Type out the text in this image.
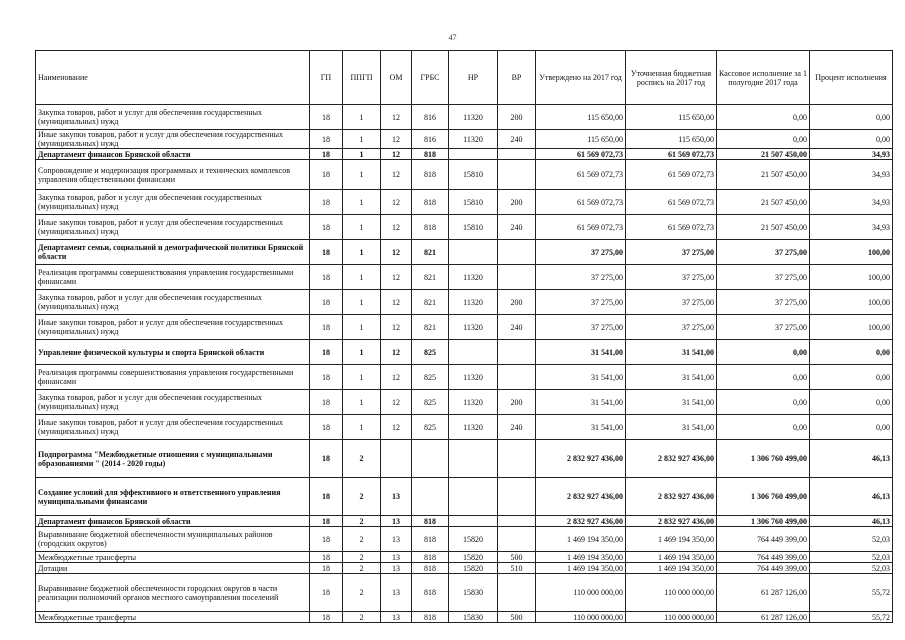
47
Наименование	ГП	ППГП	ОМ	ГРБС	НР	ВР	Утверждено на 2017 год	Уточненная бюджетная роспись на 2017 год	Кассовое исполнение за 1 полугодие 2017 года	Процент исполнения
Закупка товаров, работ и услуг для обеспечения государственных (муниципальных) нужд	18	1	12	816	11320	200	115 650,00	115 650,00	0,00	0,00
Иные закупки товаров, работ и услуг для обеспечения государственных (муниципальных) нужд	18	1	12	816	11320	240	115 650,00	115 650,00	0,00	0,00
Департамент финансов Брянской области	18	1	12	818			61 569 072,73	61 569 072,73	21 507 450,00	34,93
Сопровождение и модернизация программных и технических комплексов управления общественными финансами	18	1	12	818	15810		61 569 072,73	61 569 072,73	21 507 450,00	34,93
Закупка товаров, работ и услуг для обеспечения государственных (муниципальных) нужд	18	1	12	818	15810	200	61 569 072,73	61 569 072,73	21 507 450,00	34,93
Иные закупки товаров, работ и услуг для обеспечения государственных (муниципальных) нужд	18	1	12	818	15810	240	61 569 072,73	61 569 072,73	21 507 450,00	34,93
Департамент семьи, социальной и демографической политики Брянской области	18	1	12	821			37 275,00	37 275,00	37 275,00	100,00
Реализация программы совершенствования управления государственными финансами	18	1	12	821	11320		37 275,00	37 275,00	37 275,00	100,00
Закупка товаров, работ и услуг для обеспечения государственных (муниципальных) нужд	18	1	12	821	11320	200	37 275,00	37 275,00	37 275,00	100,00
Иные закупки товаров, работ и услуг для обеспечения государственных (муниципальных) нужд	18	1	12	821	11320	240	37 275,00	37 275,00	37 275,00	100,00
Управление физической культуры и спорта Брянской области	18	1	12	825			31 541,00	31 541,00	0,00	0,00
Реализация программы совершенствования управления государственными финансами	18	1	12	825	11320		31 541,00	31 541,00	0,00	0,00
Закупка товаров, работ и услуг для обеспечения государственных (муниципальных) нужд	18	1	12	825	11320	200	31 541,00	31 541,00	0,00	0,00
Иные закупки товаров, работ и услуг для обеспечения государственных (муниципальных) нужд	18	1	12	825	11320	240	31 541,00	31 541,00	0,00	0,00
Подпрограмма "Межбюджетные отношения с муниципальными образованиями " (2014 - 2020 годы)	18	2					2 832 927 436,00	2 832 927 436,00	1 306 760 499,00	46,13
Создание условий для эффективного и ответственного управления муниципальными финансами	18	2	13				2 832 927 436,00	2 832 927 436,00	1 306 760 499,00	46,13
Департамент финансов Брянской области	18	2	13	818			2 832 927 436,00	2 832 927 436,00	1 306 760 499,00	46,13
Выравнивание бюджетной обеспеченности муниципальных районов (городских округов)	18	2	13	818	15820		1 469 194 350,00	1 469 194 350,00	764 449 399,00	52,03
Межбюджетные трансферты	18	2	13	818	15820	500	1 469 194 350,00	1 469 194 350,00	764 449 399,00	52,03
Дотации	18	2	13	818	15820	510	1 469 194 350,00	1 469 194 350,00	764 449 399,00	52,03
Выравнивание бюджетной обеспеченности городских округов в части реализации полномочий органов местного самоуправления поселений	18	2	13	818	15830		110 000 000,00	110 000 000,00	61 287 126,00	55,72
Межбюджетные трансферты	18	2	13	818	15830	500	110 000 000,00	110 000 000,00	61 287 126,00	55,72
